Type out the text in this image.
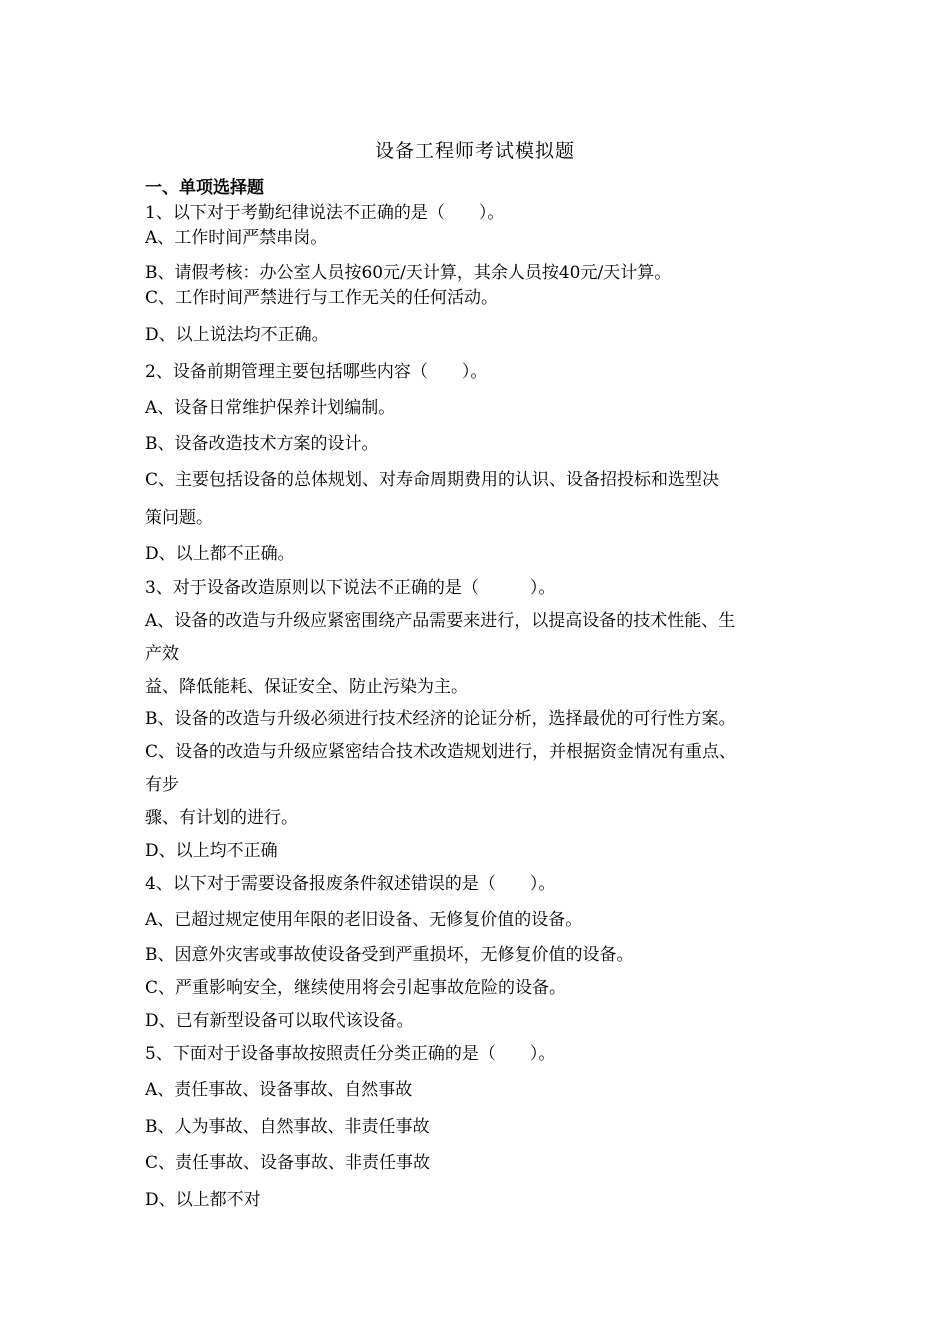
设备工程师考试模拟题
一、单项选择题
1、以下对于考勤纪律说法不正确的是（　　）。
A、工作时间严禁串岗。
B、请假考核：办公室人员按60元/天计算，其余人员按40元/天计算。
C、工作时间严禁进行与工作无关的任何活动。
D、以上说法均不正确。
2、设备前期管理主要包括哪些内容（　　）。
A、设备日常维护保养计划编制。
B、设备改造技术方案的设计。
C、主要包括设备的总体规划、对寿命周期费用的认识、设备招投标和选型决
策问题。
D、以上都不正确。
3、对于设备改造原则以下说法不正确的是（　　　）。
A、设备的改造与升级应紧密围绕产品需要来进行，以提高设备的技术性能、生
产效
益、降低能耗、保证安全、防止污染为主。
B、设备的改造与升级必须进行技术经济的论证分析，选择最优的可行性方案。
C、设备的改造与升级应紧密结合技术改造规划进行，并根据资金情况有重点、
有步
骤、有计划的进行。
D、以上均不正确
4、以下对于需要设备报废条件叙述错误的是（　　）。
A、已超过规定使用年限的老旧设备、无修复价值的设备。
B、因意外灾害或事故使设备受到严重损坏，无修复价值的设备。
C、严重影响安全，继续使用将会引起事故危险的设备。
D、已有新型设备可以取代该设备。
5、下面对于设备事故按照责任分类正确的是（　　）。
A、责任事故、设备事故、自然事故
B、人为事故、自然事故、非责任事故
C、责任事故、设备事故、非责任事故
D、以上都不对
